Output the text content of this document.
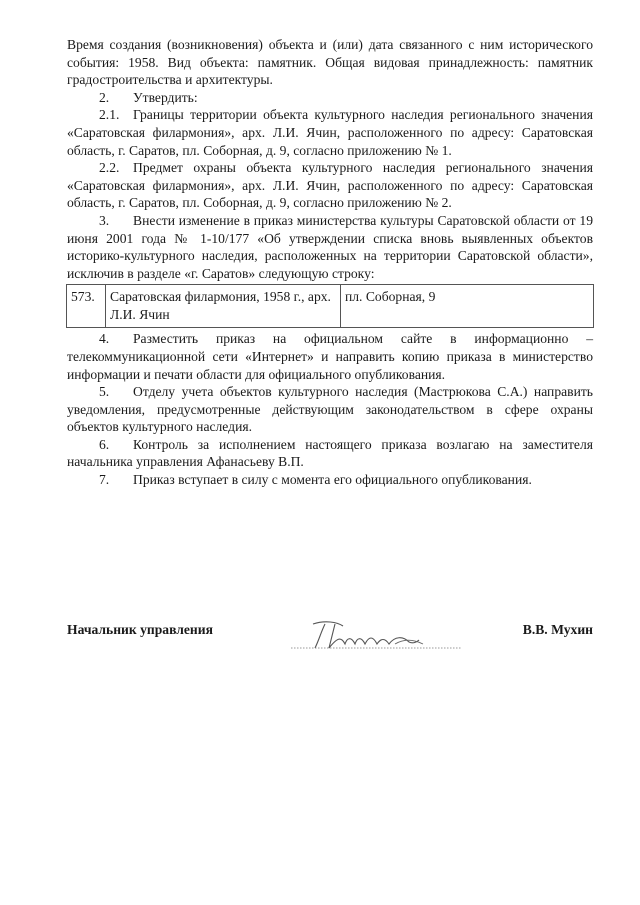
Время создания (возникновения) объекта и (или) дата связанного с ним исторического события: 1958. Вид объекта: памятник. Общая видовая принадлежность: памятник градостроительства и архитектуры.

2. Утвердить:

2.1. Границы территории объекта культурного наследия регионального значения «Саратовская филармония», арх. Л.И. Ячин, расположенного по адресу: Саратовская область, г. Саратов, пл. Соборная, д. 9, согласно приложению № 1.

2.2. Предмет охраны объекта культурного наследия регионального значения «Саратовская филармония», арх. Л.И. Ячин, расположенного по адресу: Саратовская область, г. Саратов, пл. Соборная, д. 9, согласно приложению № 2.

3. Внести изменение в приказ министерства культуры Саратовской области от 19 июня 2001 года № 1-10/177 «Об утверждении списка вновь выявленных объектов историко-культурного наследия, расположенных на территории Саратовской области», исключив в разделе «г. Саратов» следующую строку:

573.	Саратовская филармония, 1958 г., арх. Л.И. Ячин	пл. Соборная, 9

4. Разместить приказ на официальном сайте в информационно – телекоммуникационной сети «Интернет» и направить копию приказа в министерство информации и печати области для официального опубликования.

5. Отделу учета объектов культурного наследия (Мастрюкова С.А.) направить уведомления, предусмотренные действующим законодательством в сфере охраны объектов культурного наследия.

6. Контроль за исполнением настоящего приказа возлагаю на заместителя начальника управления Афанасьеву В.П.

7. Приказ вступает в силу с момента его официального опубликования.

Начальник управления	В.В. Мухин
